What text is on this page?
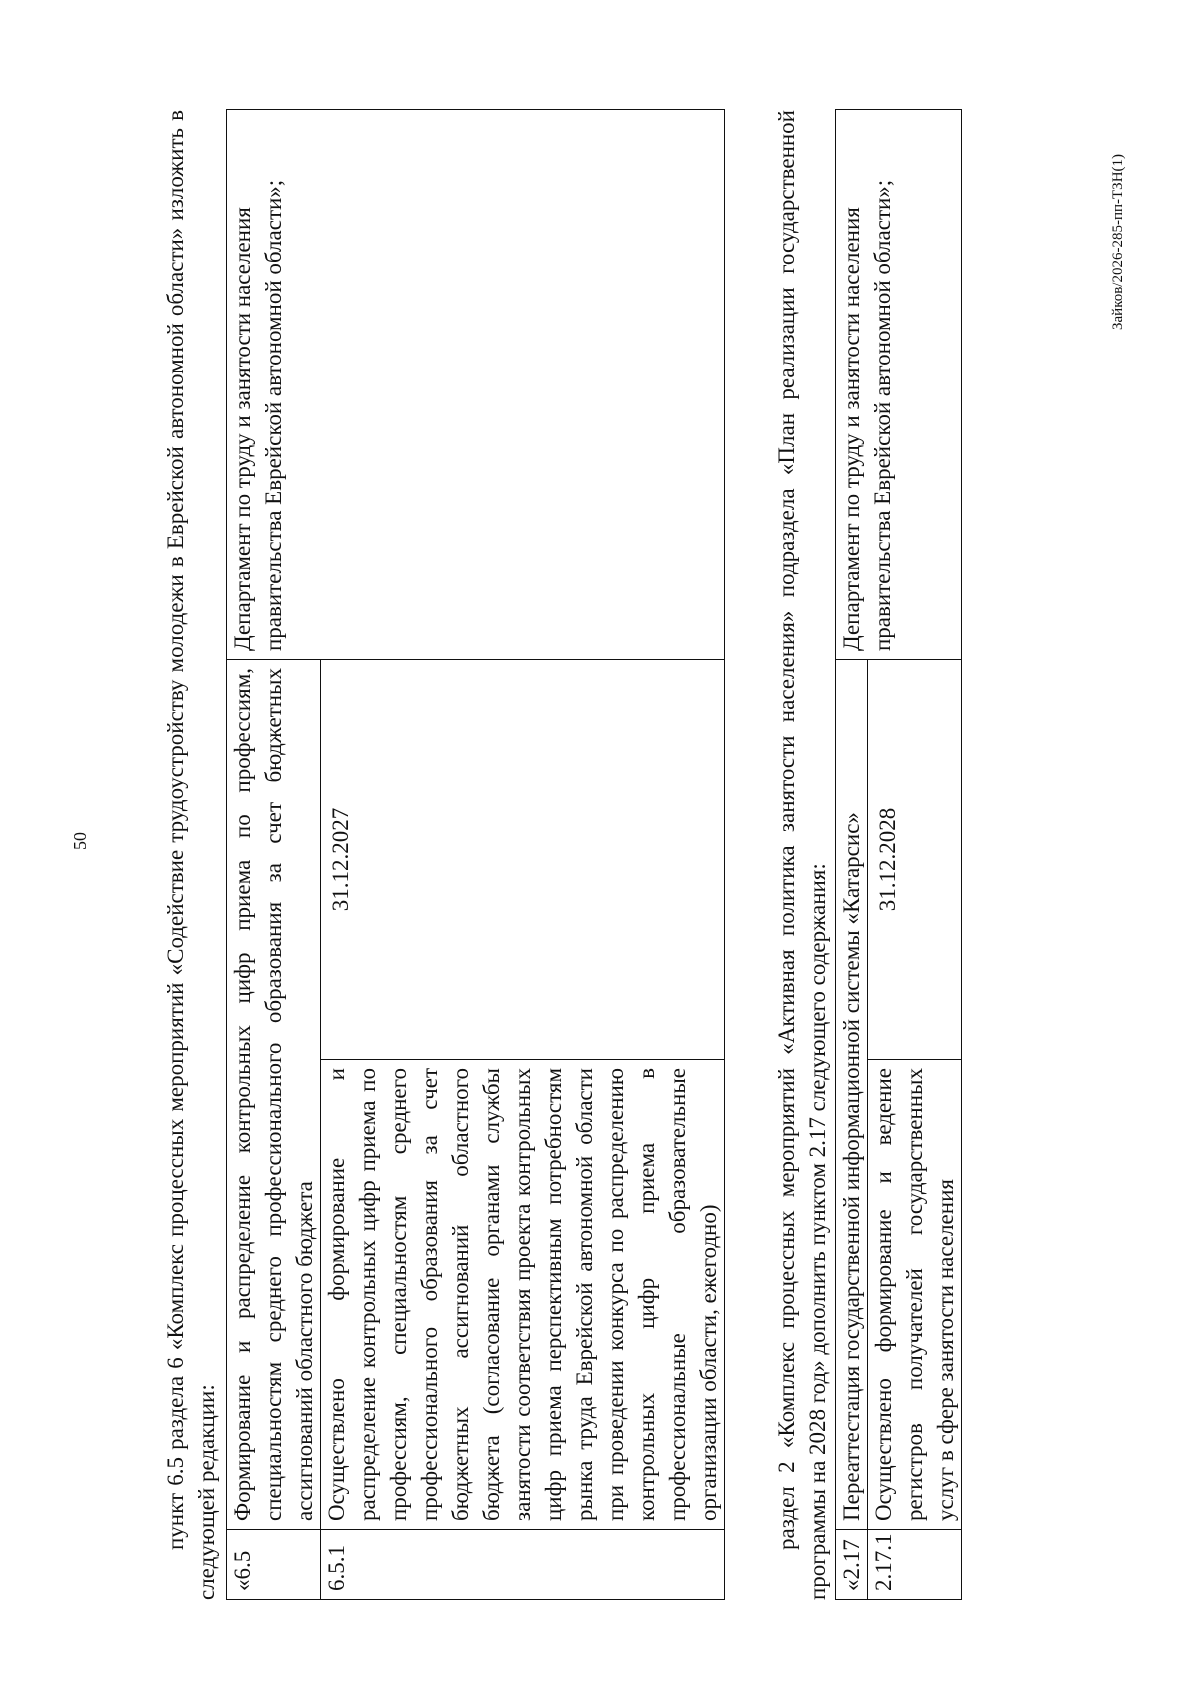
50
Зайков/2026-285-пп-ТЗН(1)

пункт 6.5 раздела 6 «Комплекс процессных мероприятий «Содействие трудоустройству молодежи в Еврейской автономной области» изложить в следующей редакции: «6.5	Формирование и распределение контрольных цифр приема по профессиям, специальностям среднего профессионального образования за счет бюджетных ассигнований областного бюджета		Департамент по труду и занятости населения правительства Еврейской автономной области»;
6.5.1	Осуществлено формирование и распределение контрольных цифр приема по профессиям, специальностям среднего профессионального образования за счет бюджетных ассигнований областного бюджета (согласование органами службы занятости соответствия проекта контрольных цифр приема перспективным потребностям рынка труда Еврейской автономной области при проведении конкурса по распределению контрольных цифр приема в профессиональные образовательные организации области, ежегодно)	31.12.2027		раздел 2 «Комплекс процессных мероприятий «Активная политика занятости населения» подраздела «План реализации государственной программы на 2028 год» дополнить пунктом 2.17 следующего содержания: «2.17	Переаттестация государственной информационной системы «Катарсис»		Департамент по труду и занятости населения правительства Еврейской автономной области»;
2.17.1	Осуществлено формирование и ведение регистров получателей государственных услуг в сфере занятости населения	31.12.2028	
